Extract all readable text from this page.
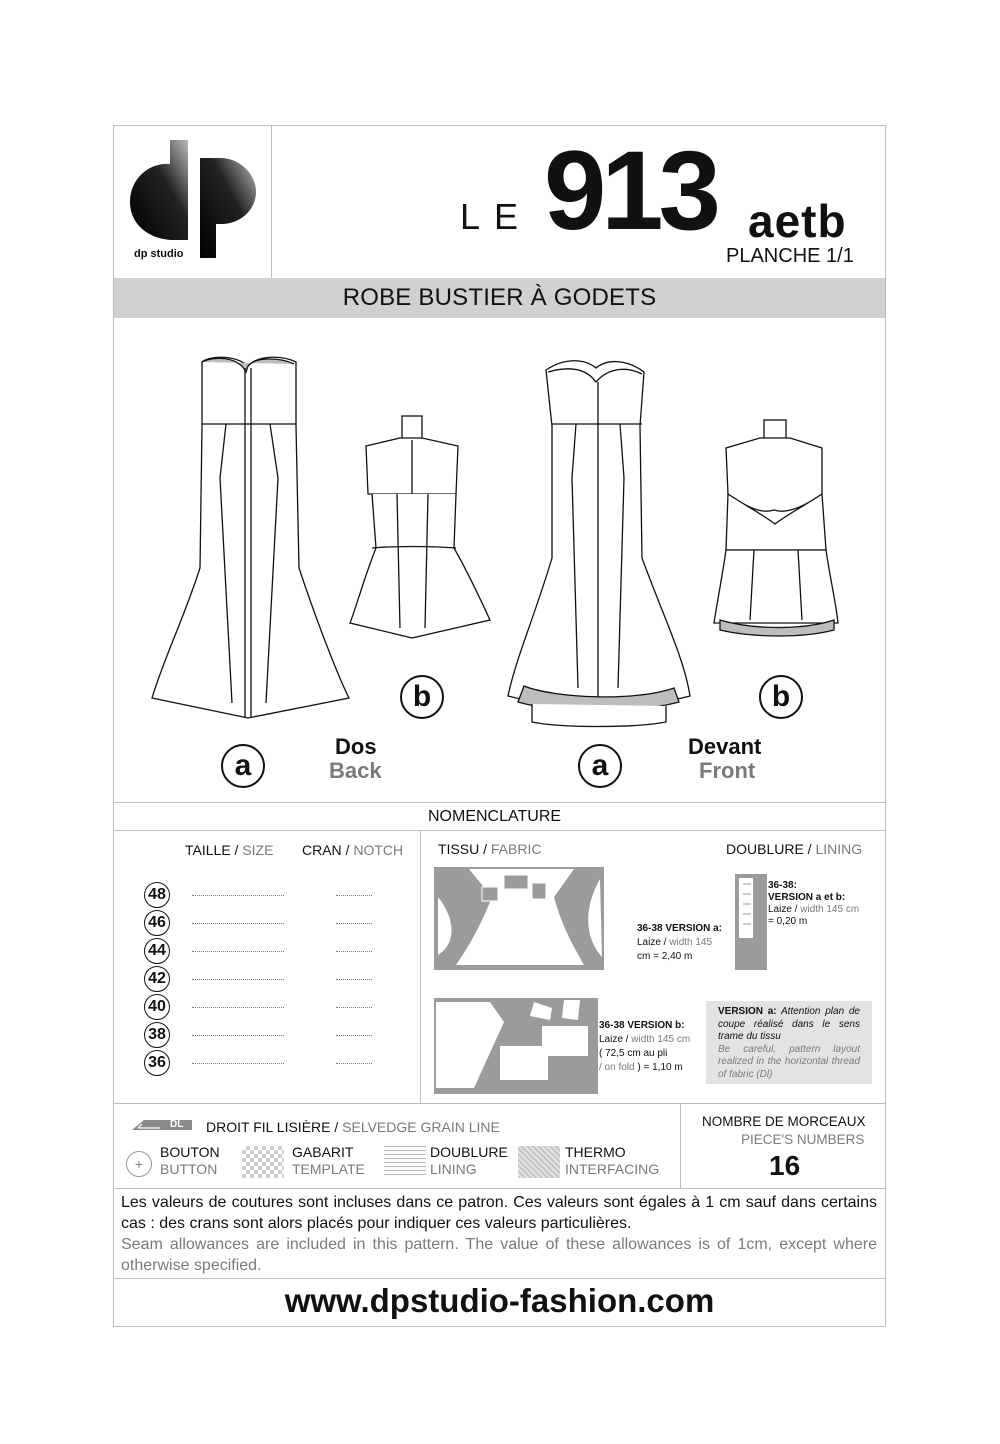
dp studio
LE 913 aetb
PLANCHE 1/1
ROBE BUSTIER À GODETS
a
b
a
b
Dos
Back
Devant
Front
NOMENCLATURE
TAILLE / SIZE CRAN / NOTCH
48
46
44
42
40
38
36
TISSU / FABRIC	DOUBLURE / LINING
36-38 VERSION a:
Laize / width 145
cm = 2,40 m
36-38 VERSION b:
Laize / width 145 cm
( 72,5 cm au pli
/ on fold ) = 1,10 m
36-38:
VERSION a et b:
Laize / width 145 cm
= 0,20 m
VERSION a: Attention plan de coupe réalisé dans le sens trame du tissu
Be careful, pattern layout realized in the horizontal thread of fabric (Dl)
DL DROIT FIL LISIÈRE / SELVEDGE GRAIN LINE
+
BOUTON
BUTTON
GABARIT
TEMPLATE
DOUBLURE
LINING
THERMO
INTERFACING
NOMBRE DE MORCEAUX
PIECE'S NUMBERS
16
Les valeurs de coutures sont incluses dans ce patron. Ces valeurs sont égales à 1 cm sauf dans certains cas : des crans sont alors placés pour indiquer ces valeurs particulières.
Seam allowances are included in this pattern. The value of these allowances is of 1cm, except where otherwise specified.
www.dpstudio-fashion.com
